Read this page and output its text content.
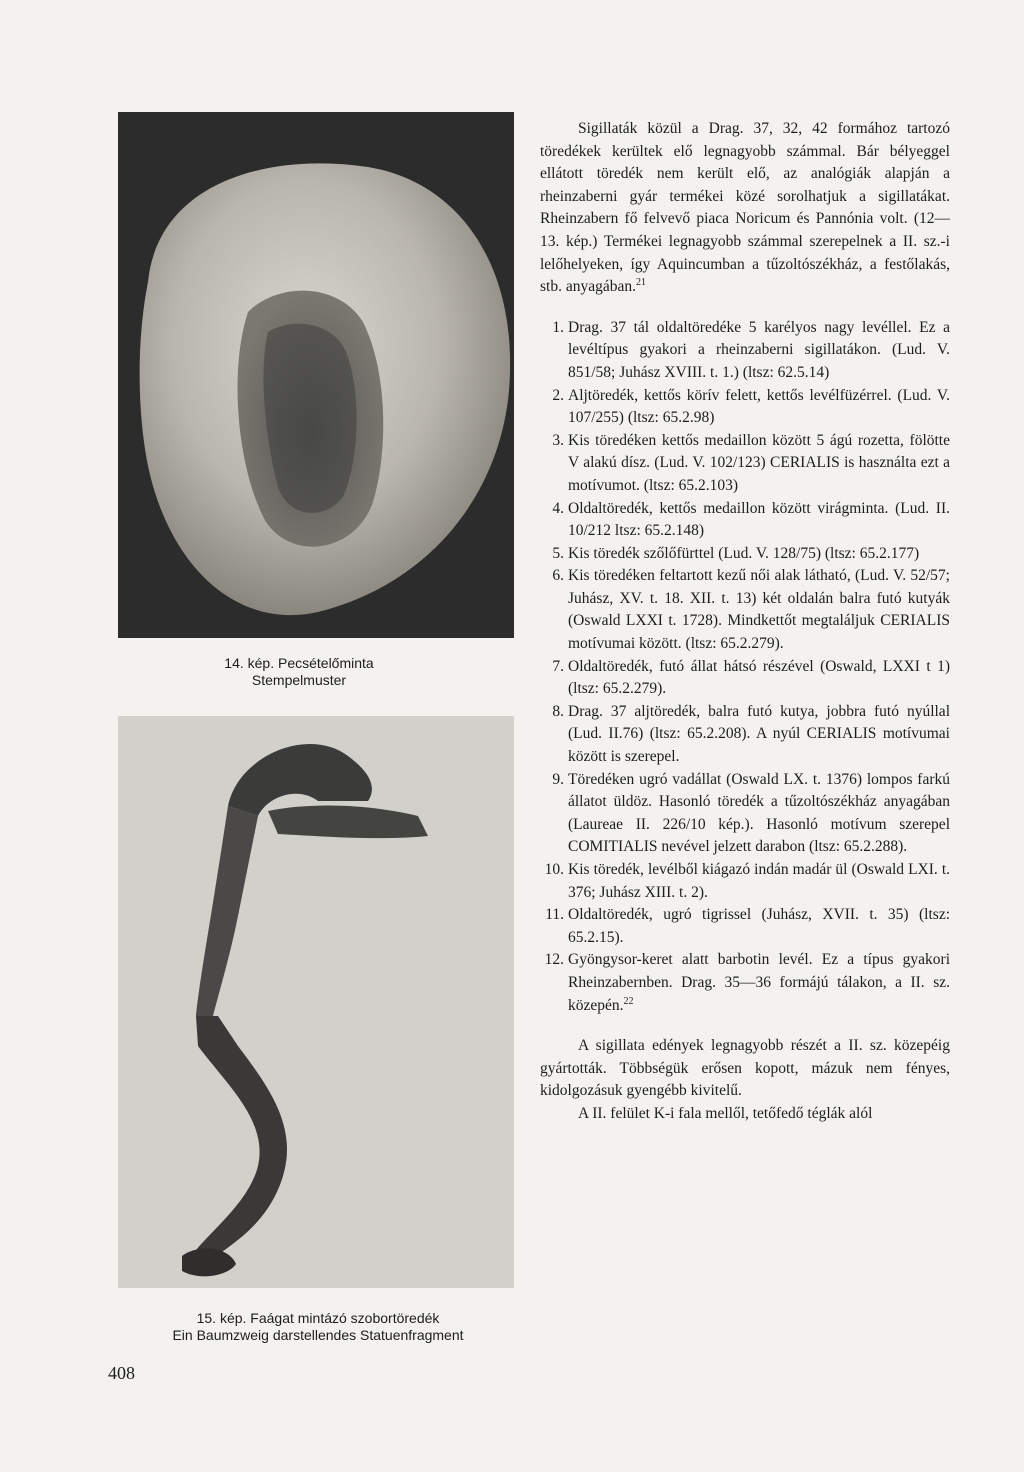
14. kép. Pecsételőminta
Stempelmuster
15. kép. Faágat mintázó szobortöredék
Ein Baumzweig darstellendes Statuenfragment
408

Sigillaták közül a Drag. 37, 32, 42 formához tartozó töredékek kerültek elő legnagyobb számmal. Bár bélyeggel ellátott töredék nem került elő, az analógiák alapján a rheinzaberni gyár termékei közé sorolhatjuk a sigillatákat. Rheinzabern fő felvevő piaca Noricum és Pannónia volt. (12—13. kép.) Termékei legnagyobb számmal szerepelnek a II. sz.-i lelőhelyeken, így Aquincumban a tűzoltószékház, a festőlakás, stb. anyagában.$^{21}$

1. Drag. 37 tál oldaltöredéke 5 karélyos nagy levéllel. Ez a levéltípus gyakori a rheinzaberni sigillatákon. (Lud. V. 851/58; Juhász XVIII. t. 1.) (ltsz: 62.5.14)
2. Aljtöredék, kettős körív felett, kettős levélfüzérrel. (Lud. V. 107/255) (ltsz: 65.2.98)
3. Kis töredéken kettős medaillon között 5 ágú rozetta, fölötte V alakú dísz. (Lud. V. 102/123) CERIALIS is használta ezt a motívumot. (ltsz: 65.2.103)
4. Oldaltöredék, kettős medaillon között virágminta. (Lud. II. 10/212 ltsz: 65.2.148)
5. Kis töredék szőlőfürttel (Lud. V. 128/75) (ltsz: 65.2.177)
6. Kis töredéken feltartott kezű női alak látható, (Lud. V. 52/57; Juhász, XV. t. 18. XII. t. 13) két oldalán balra futó kutyák (Oswald LXXI t. 1728). Mindkettőt megtaláljuk CERIALIS motívumai között. (ltsz: 65.2.279).
7. Oldaltöredék, futó állat hátsó részével (Oswald, LXXI t 1) (ltsz: 65.2.279).
8. Drag. 37 aljtöredék, balra futó kutya, jobbra futó nyúllal (Lud. II.76) (ltsz: 65.2.208). A nyúl CERIALIS motívumai között is szerepel.
9. Töredéken ugró vadállat (Oswald LX. t. 1376) lompos farkú állatot üldöz. Hasonló töredék a tűzoltószékház anyagában (Laureae II. 226/10 kép.). Hasonló motívum szerepel COMITIALIS nevével jelzett darabon (ltsz: 65.2.288).
10. Kis töredék, levélből kiágazó indán madár ül (Oswald LXI. t. 376; Juhász XIII. t. 2).
11. Oldaltöredék, ugró tigrissel (Juhász, XVII. t. 35) (ltsz: 65.2.15).
12. Gyöngysor-keret alatt barbotin levél. Ez a típus gyakori Rheinzabernben. Drag. 35—36 formájú tálakon, a II. sz. közepén.$^{22}$

A sigillata edények legnagyobb részét a II. sz. közepéig gyártották. Többségük erősen kopott, mázuk nem fényes, kidolgozásuk gyengébb kivitelű.

A II. felület K-i fala mellől, tetőfedő téglák alól
